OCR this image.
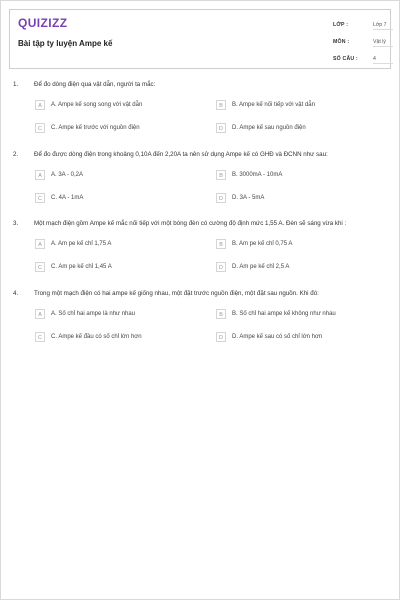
QUIZIZZ
Bài tập ty luyện Ampe kế
LỚP :	Lớp 7
MÔN :	Vật lý
SỐ CÂU :	4
1.	Để đo dòng điện qua vật dẫn, người ta mắc:
A	A. Ampe kế song song với vật dẫn	B	B. Ampe kế nối tiếp với vật dẫn
C	C. Ampe kế trước với nguồn điện	D	D. Ampe kế sau nguồn điện
2.	Để đo được dòng điện trong khoảng 0,10A đến 2,20A ta nên sử dụng Ampe kế có GHĐ và ĐCNN như sau:
A	A. 3A - 0,2A	B	B. 3000mA - 10mA
C	C. 4A - 1mA	D	D. 3A - 5mA
3.	Một mạch điện gồm Ampe kế mắc nối tiếp với một bóng đèn có cường độ định mức 1,55 A. Đèn sẽ sáng vừa khi :
A	A. Am pe kế chỉ 1,75 A	B	B. Am pe kế chỉ 0,75 A
C	C. Am pe kế chỉ 1,45 A	D	D. Am pe kế chỉ 2,5 A
4.	Trong một mạch điện có hai ampe kế giống nhau, một đặt trước nguồn điện, một đặt sau nguồn. Khi đó:
A	A. Số chỉ hai ampe là như nhau	B	B. Số chỉ hai ampe kế không như nhau
C	C. Ampe kế đầu có số chỉ lớn hơn	D	D. Ampe kế sau có số chỉ lớn hơn
